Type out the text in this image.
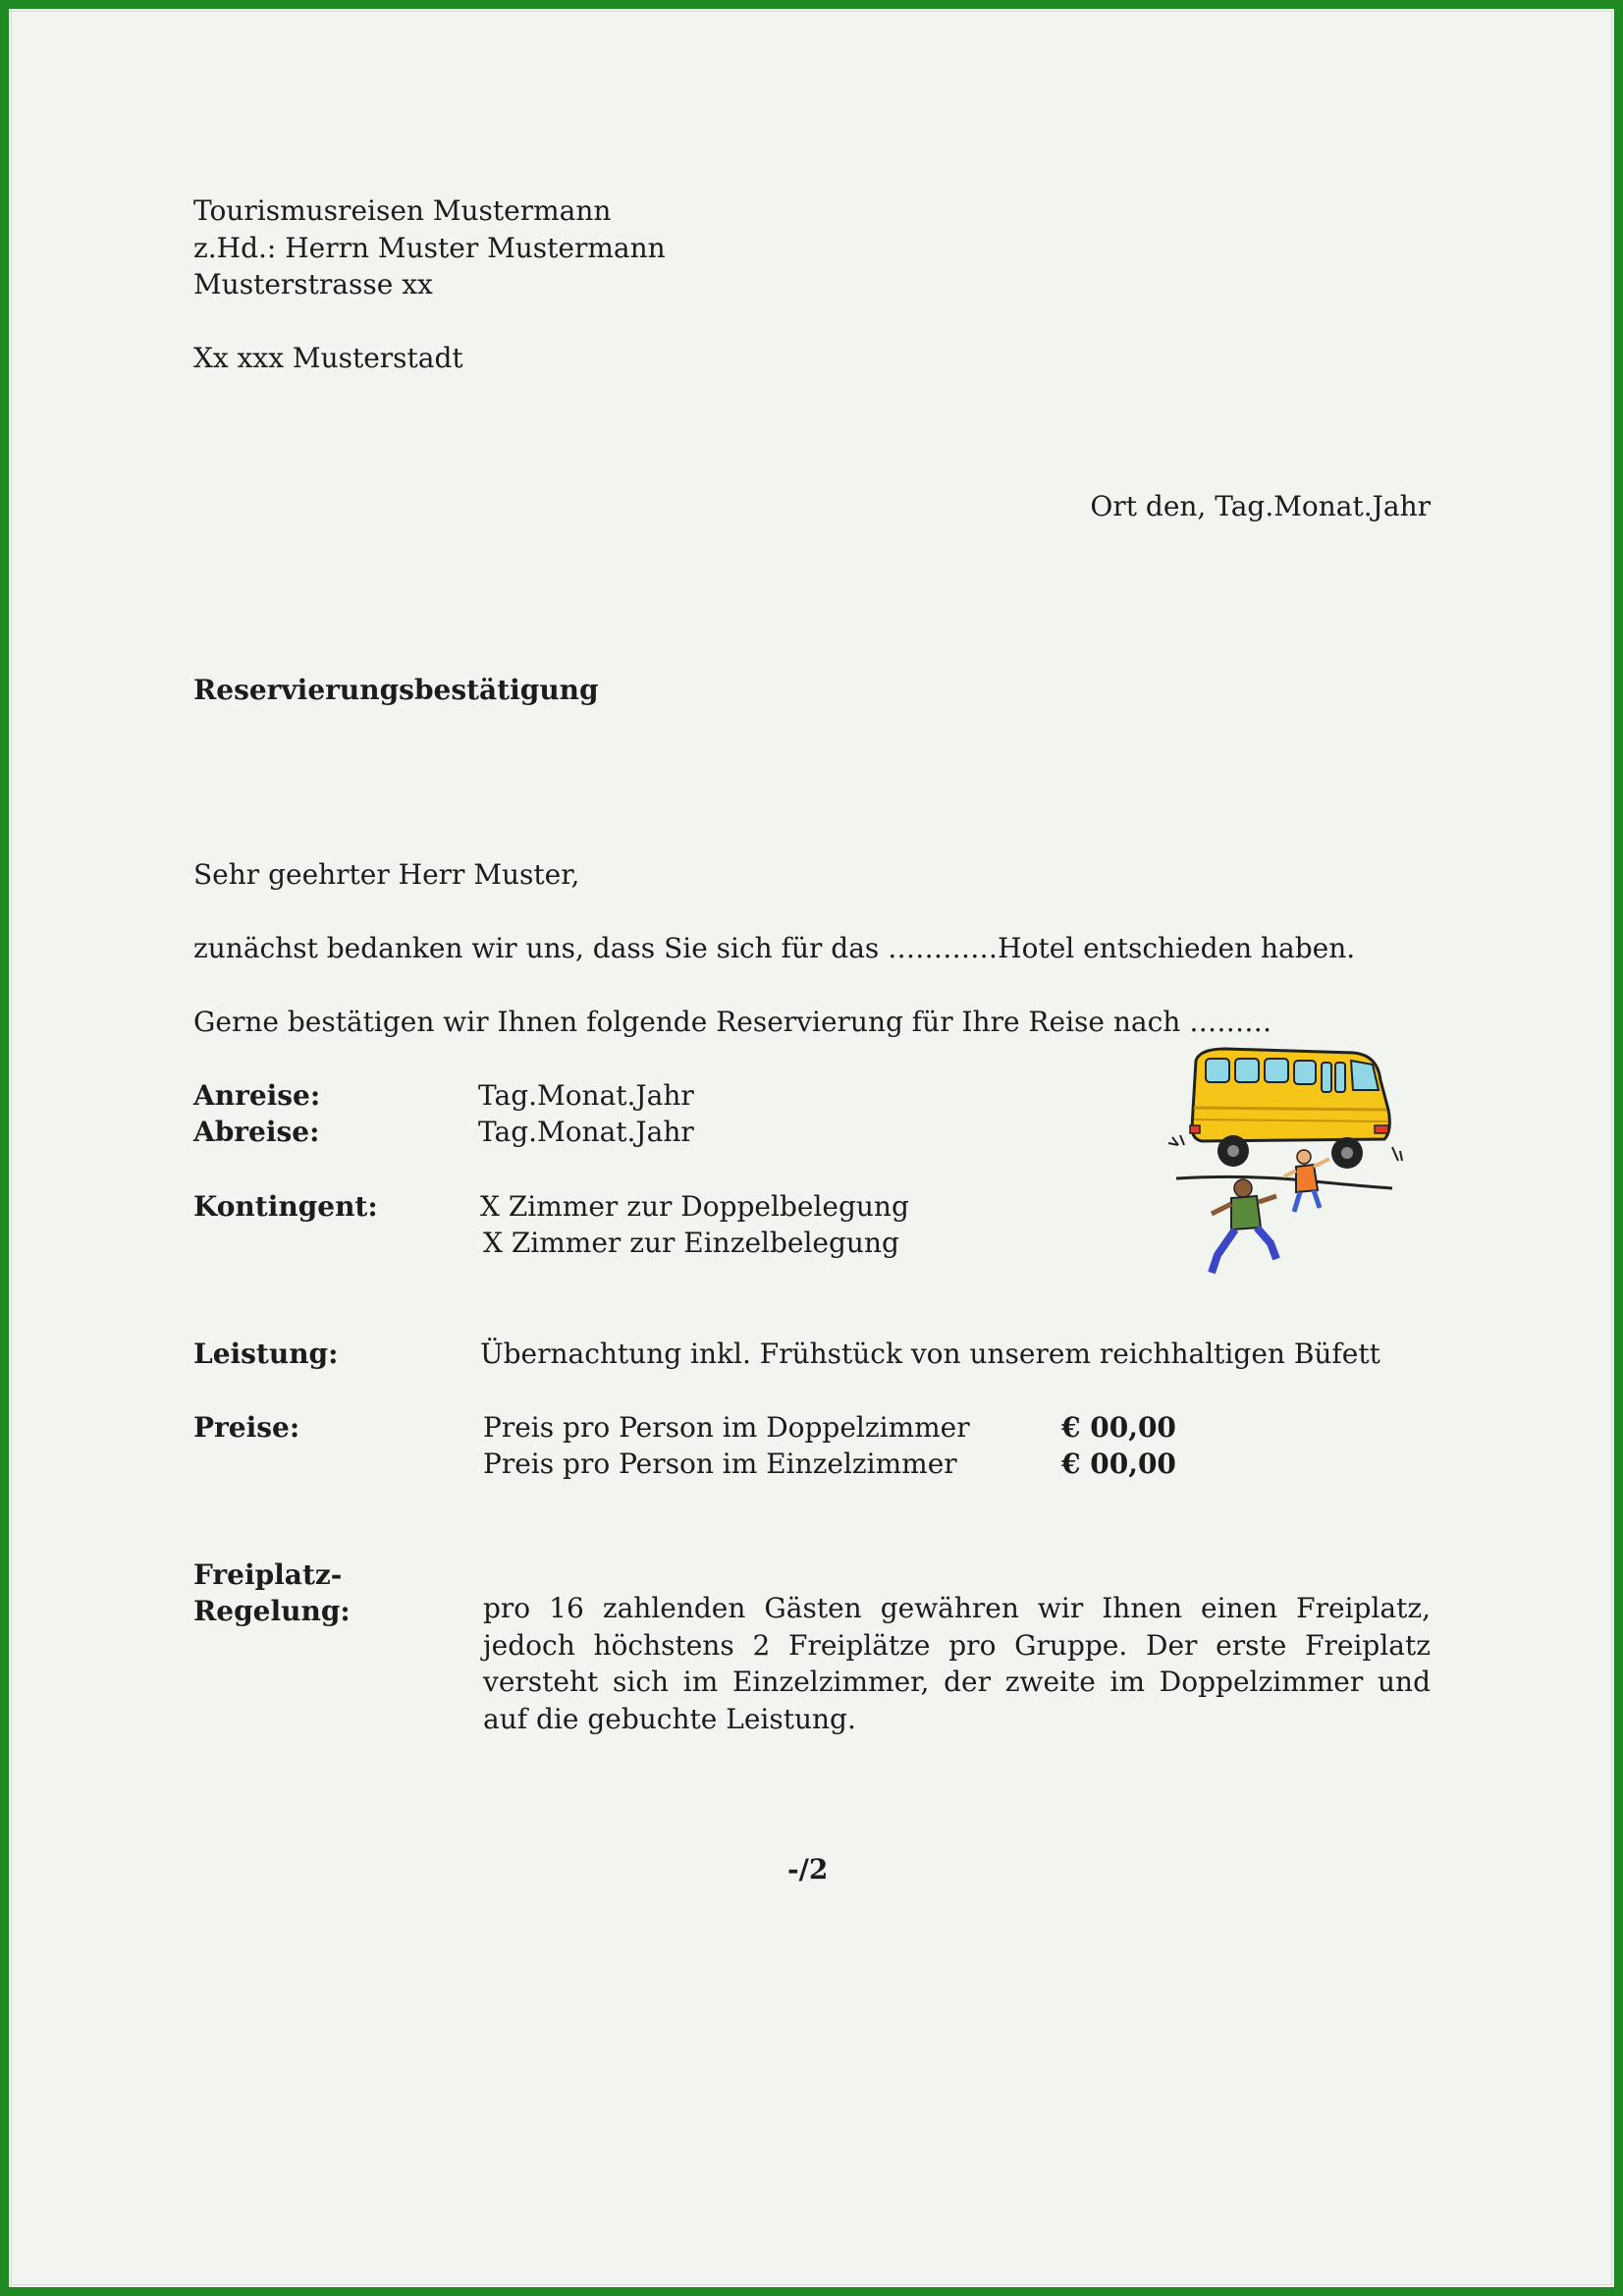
Tourismusreisen Mustermann
z.Hd.: Herrn Muster Mustermann
Musterstrasse xx
Xx xxx Musterstadt
Ort den, Tag.Monat.Jahr
Reservierungsbestätigung
Sehr geehrter Herr Muster,
zunächst bedanken wir uns, dass Sie sich für das …………Hotel entschieden haben.
Gerne bestätigen wir Ihnen folgende Reservierung für Ihre Reise nach ………
Anreise:	Tag.Monat.Jahr
Abreise:	Tag.Monat.Jahr
Kontingent:	X Zimmer zur Doppelbelegung
X Zimmer zur Einzelbelegung
Leistung:	Übernachtung inkl. Frühstück von unserem reichhaltigen Büfett
Preise:	Preis pro Person im Doppelzimmer	€ 00,00
Preis pro Person im Einzelzimmer	€ 00,00
Freiplatz-
Regelung:	pro 16 zahlenden Gästen gewähren wir Ihnen einen Freiplatz, jedoch höchstens 2 Freiplätze pro Gruppe. Der erste Freiplatz versteht sich im Einzelzimmer, der zweite im Doppelzimmer und auf die gebuchte Leistung.
-/2
